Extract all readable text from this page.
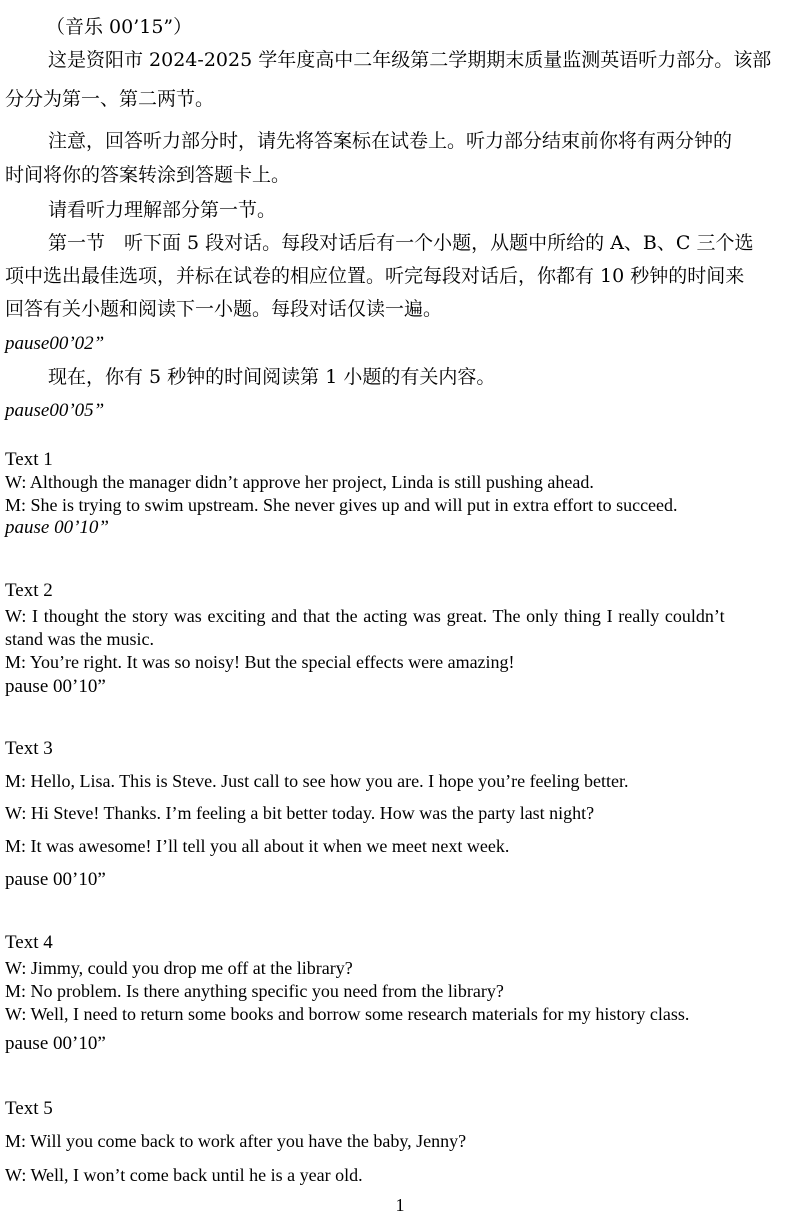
（音乐 00’15”）
这是资阳市 2024-2025 学年度高中二年级第二学期期末质量监测英语听力部分。该部
分分为第一、第二两节。
注意，回答听力部分时，请先将答案标在试卷上。听力部分结束前你将有两分钟的
时间将你的答案转涂到答题卡上。
请看听力理解部分第一节。
第一节　听下面 5 段对话。每段对话后有一个小题，从题中所给的 A、B、C 三个选
项中选出最佳选项，并标在试卷的相应位置。听完每段对话后，你都有 10 秒钟的时间来
回答有关小题和阅读下一小题。每段对话仅读一遍。
pause00’02”
现在，你有 5 秒钟的时间阅读第 1 小题的有关内容。
pause00’05”
Text 1
W: Although the manager didn’t approve her project, Linda is still pushing ahead.
M: She is trying to swim upstream. She never gives up and will put in extra effort to succeed.
pause 00’10”
Text 2
W: I thought the story was exciting and that the acting was great. The only thing I really couldn’t
stand was the music.
M: You’re right. It was so noisy! But the special effects were amazing!
pause 00’10”
Text 3
M: Hello, Lisa. This is Steve. Just call to see how you are. I hope you’re feeling better.
W: Hi Steve! Thanks. I’m feeling a bit better today. How was the party last night?
M: It was awesome! I’ll tell you all about it when we meet next week.
pause 00’10”
Text 4
W: Jimmy, could you drop me off at the library?
M: No problem. Is there anything specific you need from the library?
W: Well, I need to return some books and borrow some research materials for my history class.
pause 00’10”
Text 5
M: Will you come back to work after you have the baby, Jenny?
W: Well, I won’t come back until he is a year old.
1
